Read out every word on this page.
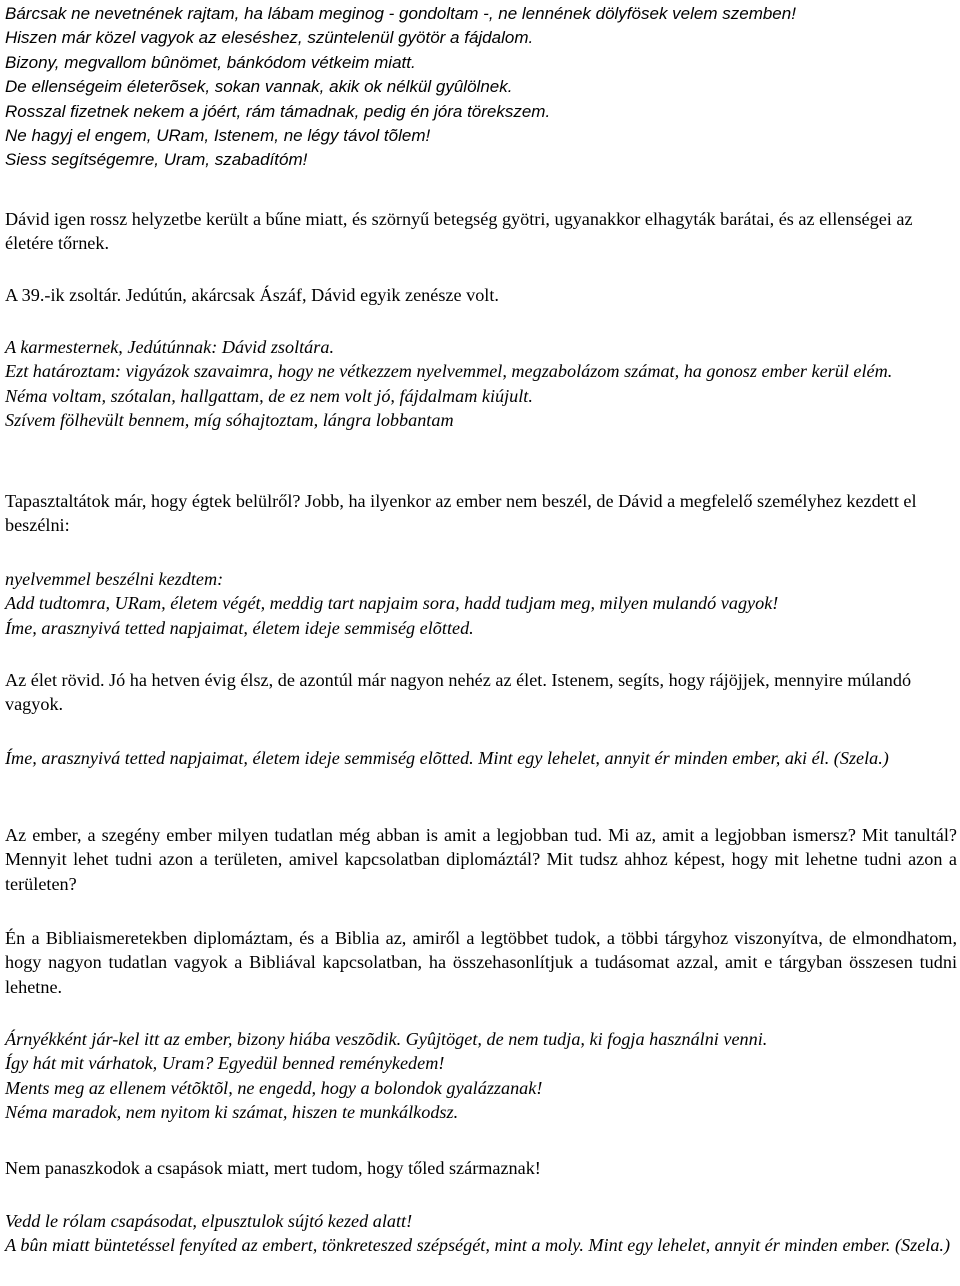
Bárcsak ne nevetnének rajtam, ha lábam meginog - gondoltam -, ne lennének dölyfösek velem szemben!
Hiszen már közel vagyok az eleséshez, szüntelenül gyötör a fájdalom.
Bizony, megvallom bûnömet, bánkódom vétkeim miatt.
De ellenségeim életerõsek, sokan vannak, akik ok nélkül gyûlölnek.
Rosszal fizetnek nekem a jóért, rám támadnak, pedig én jóra törekszem.
Ne hagyj el engem, URam, Istenem, ne légy távol tõlem!
Siess segítségemre, Uram, szabadítóm!

Dávid igen rossz helyzetbe került a bűne miatt, és szörnyű betegség gyötri, ugyanakkor elhagyták barátai, és az ellenségei az életére tőrnek.

A 39.-ik zsoltár. Jedútún, akárcsak Ászáf, Dávid egyik zenésze volt.

A karmesternek, Jedútúnnak: Dávid zsoltára.
Ezt határoztam: vigyázok szavaimra, hogy ne vétkezzem nyelvemmel, megzabolázom számat, ha gonosz ember kerül elém.
Néma voltam, szótalan, hallgattam, de ez nem volt jó, fájdalmam kiújult.
Szívem fölhevült bennem, míg sóhajtoztam, lángra lobbantam

Tapasztaltátok már, hogy égtek belülről? Jobb, ha ilyenkor az ember nem beszél, de Dávid a megfelelő személyhez kezdett el beszélni:

nyelvemmel beszélni kezdtem:
Add tudtomra, URam, életem végét, meddig tart napjaim sora, hadd tudjam meg, milyen mulandó vagyok!
Íme, arasznyivá tetted napjaimat, életem ideje semmiség elõtted.

Az élet rövid. Jó ha hetven évig élsz, de azontúl már nagyon nehéz az élet. Istenem, segíts, hogy rájöjjek, mennyire múlandó vagyok.

Íme, arasznyivá tetted napjaimat, életem ideje semmiség elõtted. Mint egy lehelet, annyit ér minden ember, aki él. (Szela.)

Az ember, a szegény ember milyen tudatlan még abban is amit a legjobban tud. Mi az, amit a legjobban ismersz? Mit tanultál? Mennyit lehet tudni azon a területen, amivel kapcsolatban diplomáztál? Mit tudsz ahhoz képest, hogy mit lehetne tudni azon a területen?

Én a Bibliaismeretekben diplomáztam, és a Biblia az, amiről a legtöbbet tudok, a többi tárgyhoz viszonyítva, de elmondhatom, hogy nagyon tudatlan vagyok a Bibliával kapcsolatban, ha összehasonlítjuk a tudásomat azzal, amit e tárgyban összesen tudni lehetne.

Árnyékként jár-kel itt az ember, bizony hiába veszõdik. Gyûjtöget, de nem tudja, ki fogja használni venni.
Így hát mit várhatok, Uram? Egyedül benned reménykedem!
Ments meg az ellenem vétõktõl, ne engedd, hogy a bolondok gyalázzanak!
Néma maradok, nem nyitom ki számat, hiszen te munkálkodsz.

Nem panaszkodok a csapások miatt, mert tudom, hogy tőled származnak!

Vedd le rólam csapásodat, elpusztulok sújtó kezed alatt!
A bûn miatt büntetéssel fenyíted az embert, tönkreteszed szépségét, mint a moly. Mint egy lehelet, annyit ér minden ember. (Szela.)
